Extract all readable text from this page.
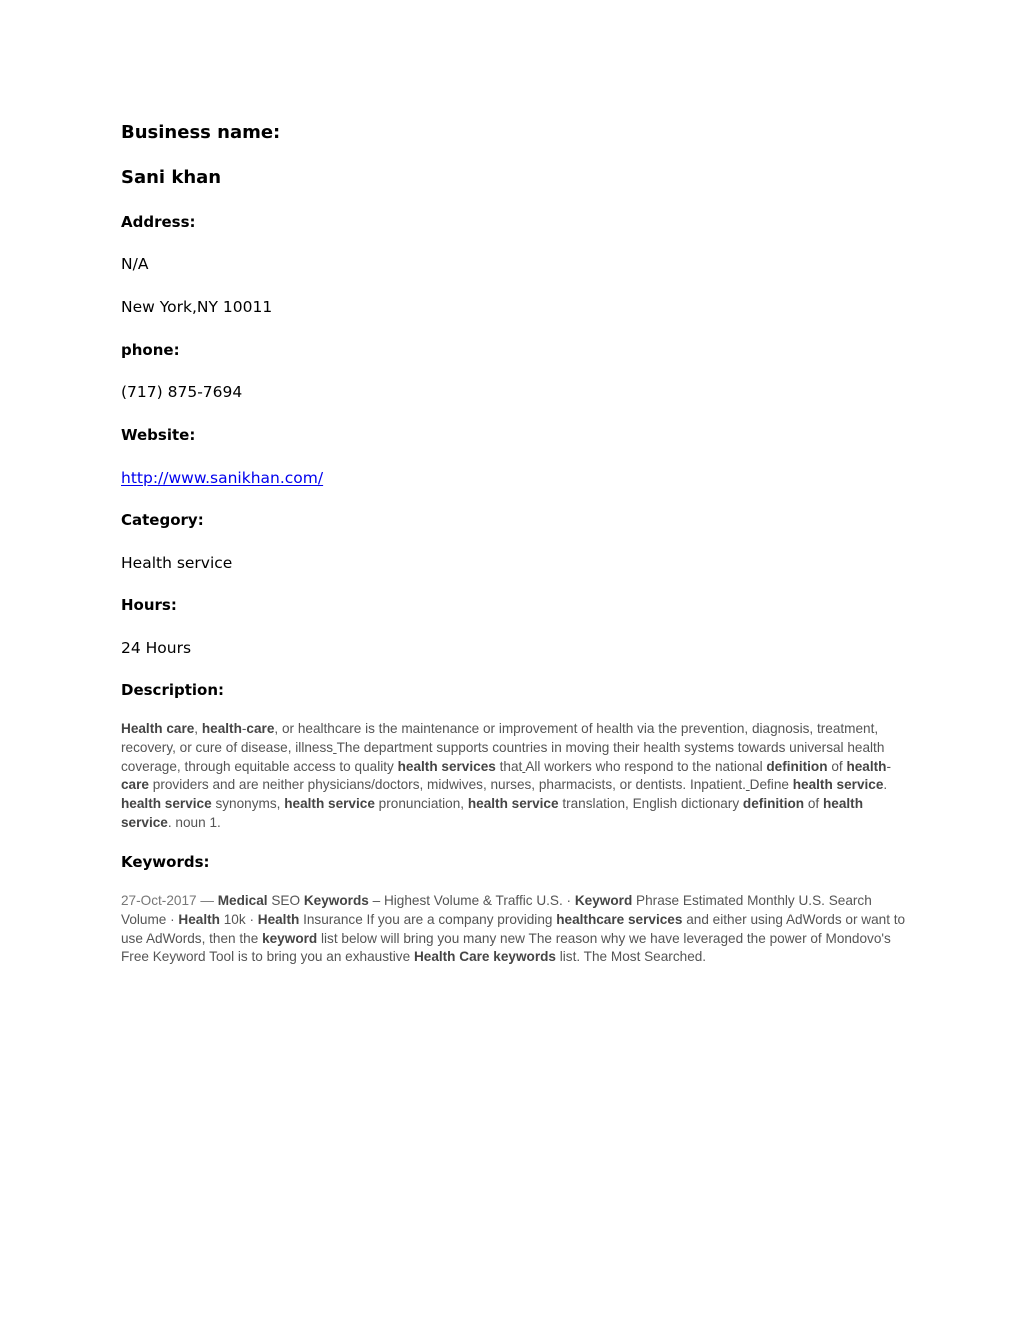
Business name:
Sani khan
Address:
N/A
New York,NY 10011
phone:
(717) 875-7694
Website:
http://www.sanikhan.com/
Category:
Health service
Hours:
24 Hours
Description:
Health care, health-care, or healthcare is the maintenance or improvement of health via the prevention, diagnosis, treatment, recovery, or cure of disease, illness The department supports countries in moving their health systems towards universal health coverage, through equitable access to quality health services that All workers who respond to the national definition of health-care providers and are neither physicians/doctors, midwives, nurses, pharmacists, or dentists. Inpatient. Define health service. health service synonyms, health service pronunciation, health service translation, English dictionary definition of health service. noun 1.
Keywords:
27-Oct-2017 — Medical SEO Keywords – Highest Volume & Traffic U.S. · Keyword Phrase Estimated Monthly U.S. Search Volume · Health 10k · Health Insurance If you are a company providing healthcare services and either using AdWords or want to use AdWords, then the keyword list below will bring you many new The reason why we have leveraged the power of Mondovo's Free Keyword Tool is to bring you an exhaustive Health Care keywords list. The Most Searched.
